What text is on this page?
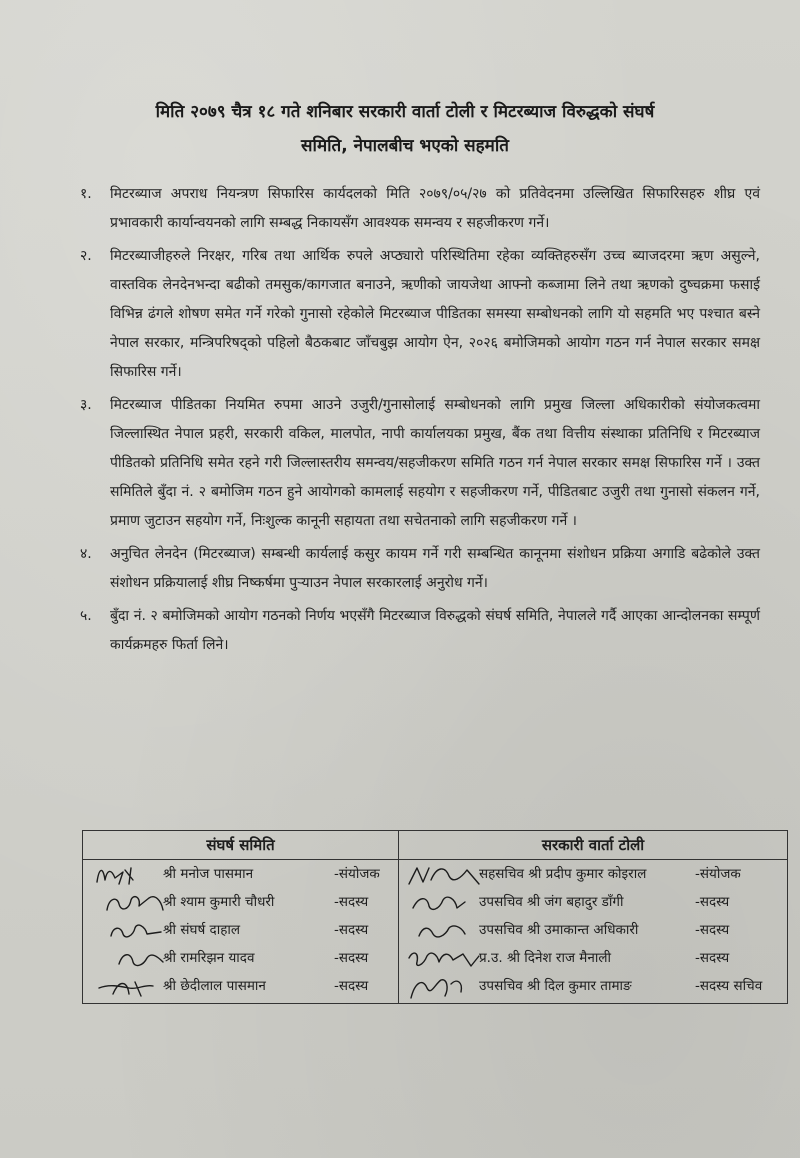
मिति २०७९ चैत्र १८ गते शनिबार सरकारी वार्ता टोली र मिटरब्याज विरुद्धको संघर्ष
समिति, नेपालबीच भएको सहमति
१.	मिटरब्याज अपराध नियन्त्रण सिफारिस कार्यदलको मिति २०७९/०५/२७ को प्रतिवेदनमा उल्लिखित सिफारिसहरु शीघ्र एवं प्रभावकारी कार्यान्वयनको लागि सम्बद्ध निकायसँग आवश्यक समन्वय र सहजीकरण गर्ने।
२.	मिटरब्याजीहरुले निरक्षर, गरिब तथा आर्थिक रुपले अप्ठ्यारो परिस्थितिमा रहेका व्यक्तिहरुसँग उच्च ब्याजदरमा ऋण असुल्ने, वास्तविक लेनदेनभन्दा बढीको तमसुक/कागजात बनाउने, ऋणीको जायजेथा आफ्नो कब्जामा लिने तथा ऋणको दुष्चक्रमा फसाई विभिन्न ढंगले शोषण समेत गर्ने गरेको गुनासो रहेकोले मिटरब्याज पीडितका समस्या सम्बोधनको लागि यो सहमति भए पश्चात बस्ने नेपाल सरकार, मन्त्रिपरिषद्को पहिलो बैठकबाट जाँचबुझ आयोग ऐन, २०२६ बमोजिमको आयोग गठन गर्न नेपाल सरकार समक्ष सिफारिस गर्ने।
३.	मिटरब्याज पीडितका नियमित रुपमा आउने उजुरी/गुनासोलाई सम्बोधनको लागि प्रमुख जिल्ला अधिकारीको संयोजकत्वमा जिल्लास्थित नेपाल प्रहरी, सरकारी वकिल, मालपोत, नापी कार्यालयका प्रमुख, बैंक तथा वित्तीय संस्थाका प्रतिनिधि र मिटरब्याज पीडितको प्रतिनिधि समेत रहने गरी जिल्लास्तरीय समन्वय/सहजीकरण समिति गठन गर्न नेपाल सरकार समक्ष सिफारिस गर्ने । उक्त समितिले बुँदा नं. २ बमोजिम गठन हुने आयोगको कामलाई सहयोग र सहजीकरण गर्ने, पीडितबाट उजुरी तथा गुनासो संकलन गर्ने, प्रमाण जुटाउन सहयोग गर्ने, निःशुल्क कानूनी सहायता तथा सचेतनाको लागि सहजीकरण गर्ने ।
४.	अनुचित लेनदेन (मिटरब्याज) सम्बन्धी कार्यलाई कसुर कायम गर्ने गरी सम्बन्धित कानूनमा संशोधन प्रक्रिया अगाडि बढेकोले उक्त संशोधन प्रक्रियालाई शीघ्र निष्कर्षमा पुऱ्याउन नेपाल सरकारलाई अनुरोध गर्ने।
५.	बुँदा नं. २ बमोजिमको आयोग गठनको निर्णय भएसँगै मिटरब्याज विरुद्धको संघर्ष समिति, नेपालले गर्दै आएका आन्दोलनका सम्पूर्ण कार्यक्रमहरु फिर्ता लिने।
संघर्ष समिति
श्री मनोज पासमान	-संयोजक
श्री श्याम कुमारी चौधरी	-सदस्य
श्री संघर्ष दाहाल	-सदस्य
श्री रामरिझन यादव	-सदस्य
श्री छेदीलाल पासमान	-सदस्य
सरकारी वार्ता टोली
सहसचिव श्री प्रदीप कुमार कोइराल	-संयोजक
उपसचिव श्री जंग बहादुर डाँगी	-सदस्य
उपसचिव श्री उमाकान्त अधिकारी	-सदस्य
प्र.उ. श्री दिनेश राज मैनाली	-सदस्य
उपसचिव श्री दिल कुमार तामाङ	-सदस्य सचिव
